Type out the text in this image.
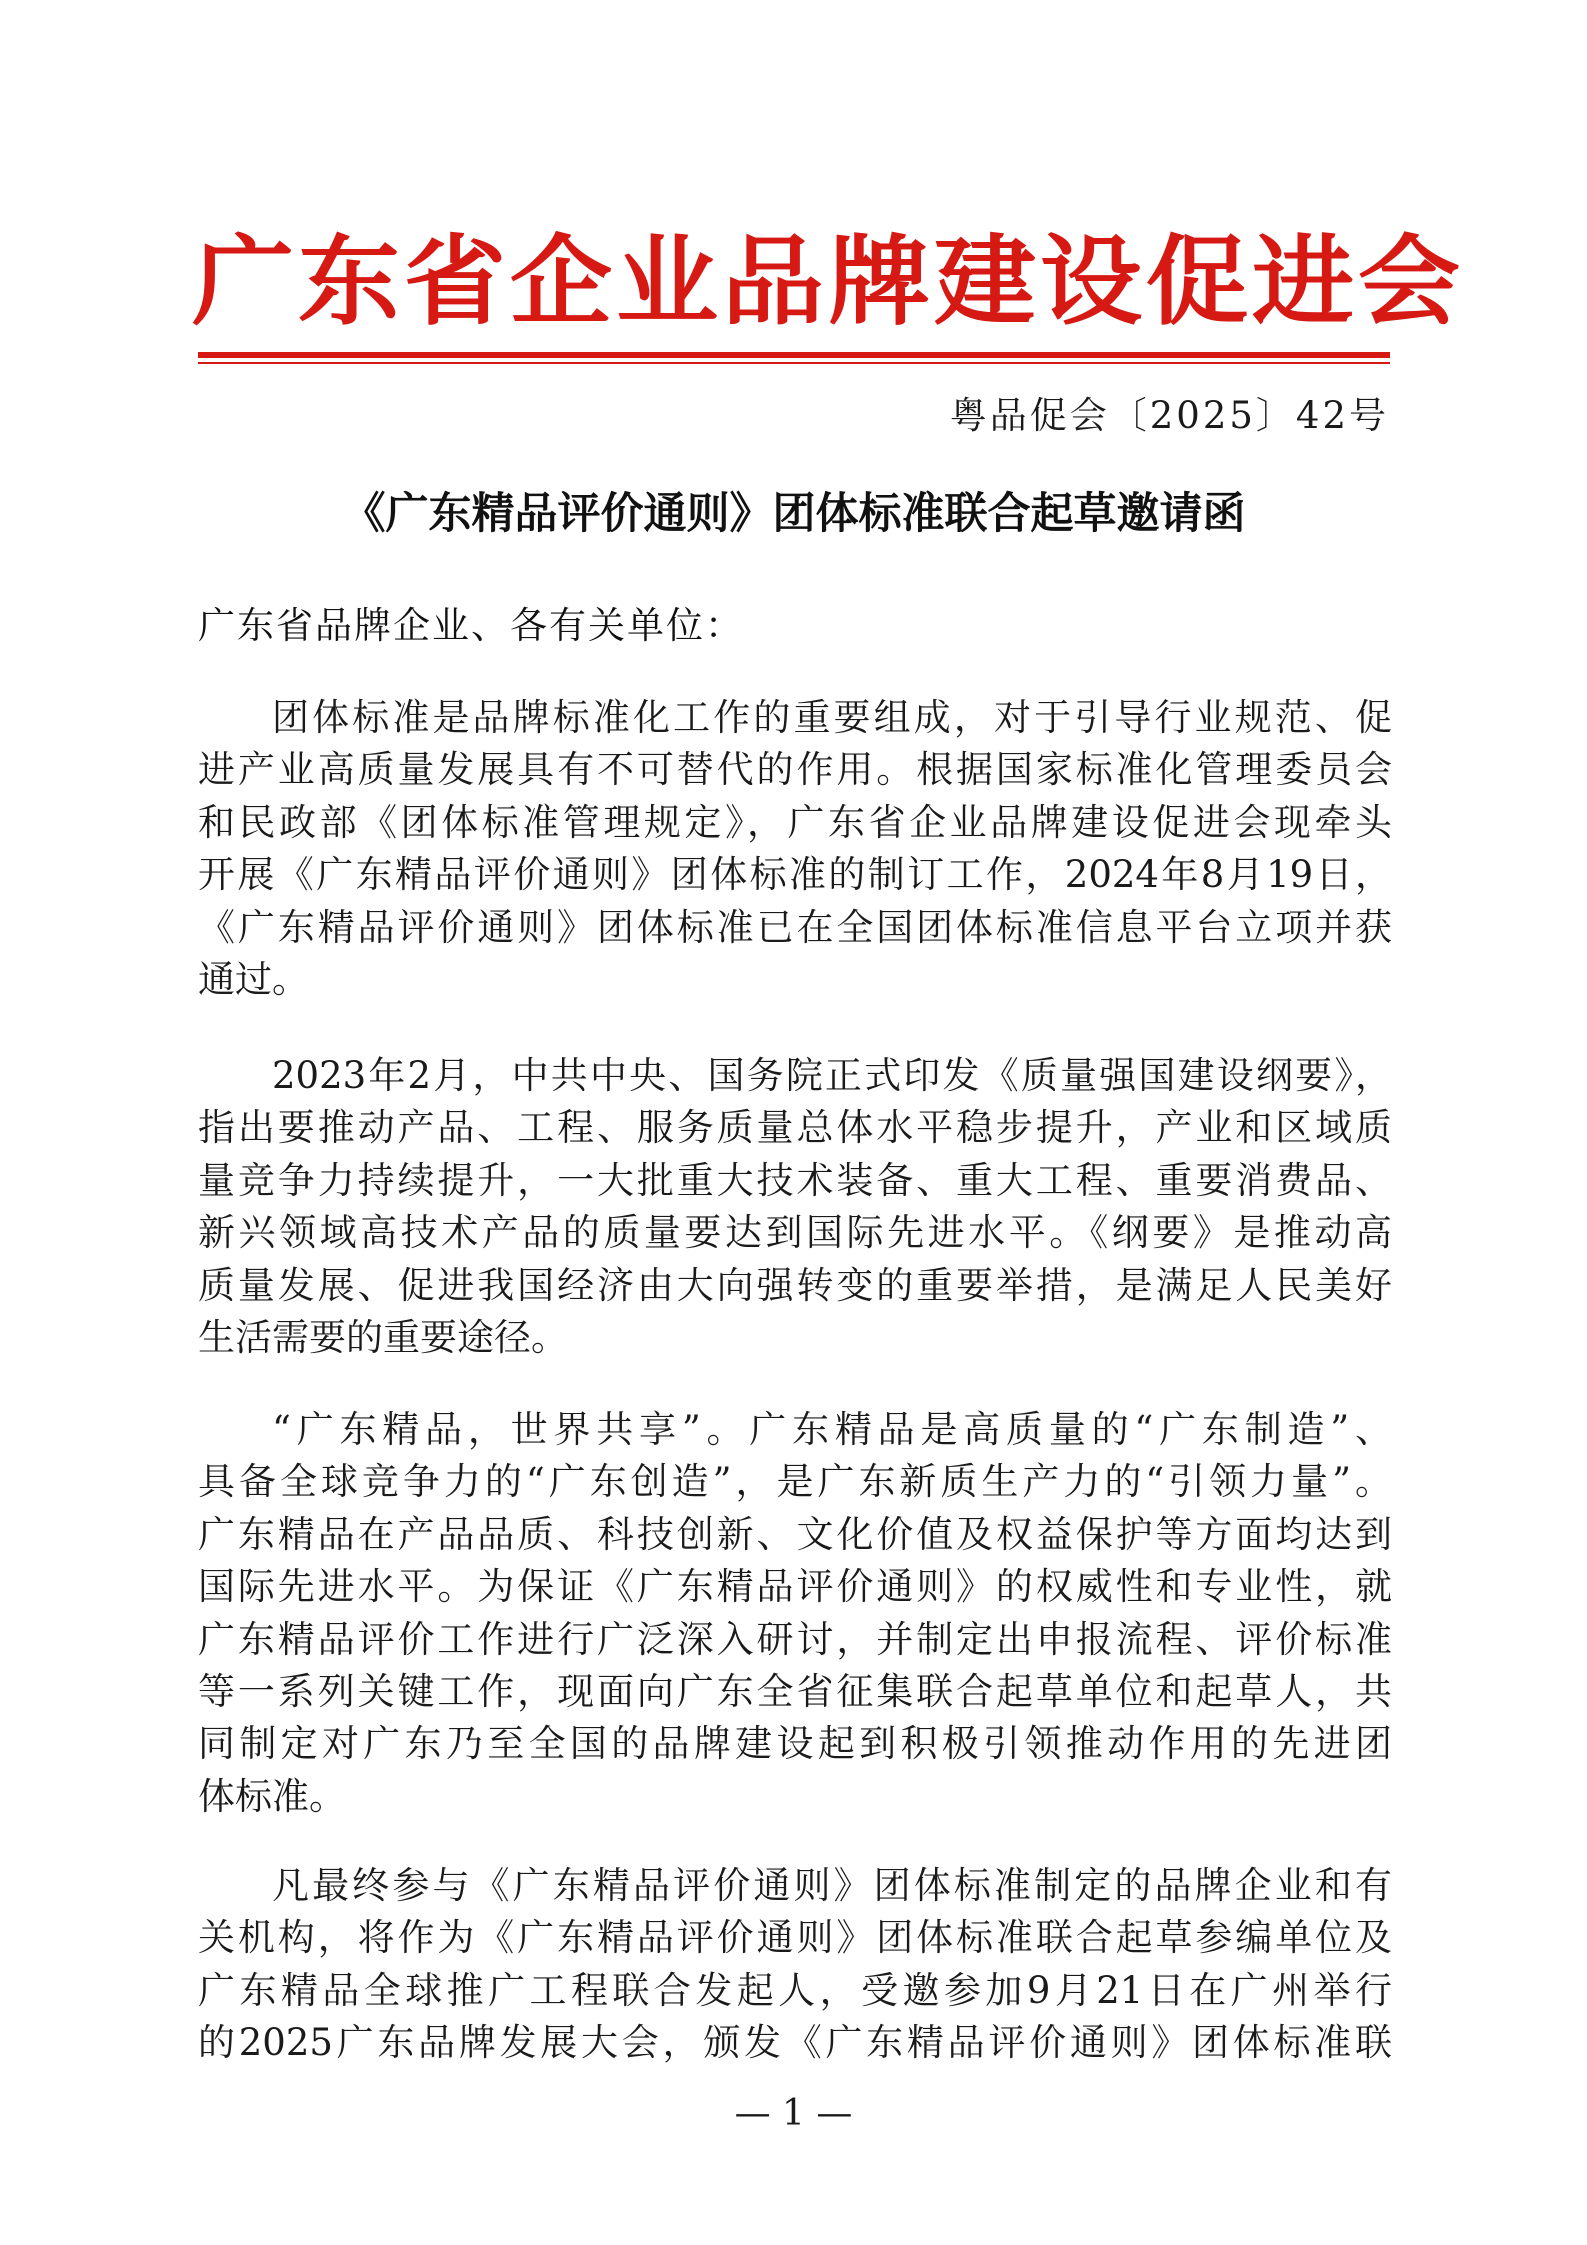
广东省企业品牌建设促进会
粤品促会〔2025〕42号
《广东精品评价通则》团体标准联合起草邀请函
广东省品牌企业、各有关单位：
团体标准是品牌标准化工作的重要组成，对于引导行业规范、促
进产业高质量发展具有不可替代的作用。根据国家标准化管理委员会
和民政部《团体标准管理规定》，广东省企业品牌建设促进会现牵头
开展《广东精品评价通则》团体标准的制订工作，2024年8月19日，
《广东精品评价通则》团体标准已在全国团体标准信息平台立项并获
通过。
2023年2月，中共中央、国务院正式印发《质量强国建设纲要》，
指出要推动产品、工程、服务质量总体水平稳步提升，产业和区域质
量竞争力持续提升，一大批重大技术装备、重大工程、重要消费品、
新兴领域高技术产品的质量要达到国际先进水平。《纲要》是推动高
质量发展、促进我国经济由大向强转变的重要举措，是满足人民美好
生活需要的重要途径。
“广东精品，世界共享”。广东精品是高质量的“广东制造”、
具备全球竞争力的“广东创造”，是广东新质生产力的“引领力量”。
广东精品在产品品质、科技创新、文化价值及权益保护等方面均达到
国际先进水平。为保证《广东精品评价通则》的权威性和专业性，就
广东精品评价工作进行广泛深入研讨，并制定出申报流程、评价标准
等一系列关键工作，现面向广东全省征集联合起草单位和起草人，共
同制定对广东乃至全国的品牌建设起到积极引领推动作用的先进团
体标准。
凡最终参与《广东精品评价通则》团体标准制定的品牌企业和有
关机构，将作为《广东精品评价通则》团体标准联合起草参编单位及
广东精品全球推广工程联合发起人，受邀参加9月21日在广州举行
的2025广东品牌发展大会，颁发《广东精品评价通则》团体标准联
— 1 —
